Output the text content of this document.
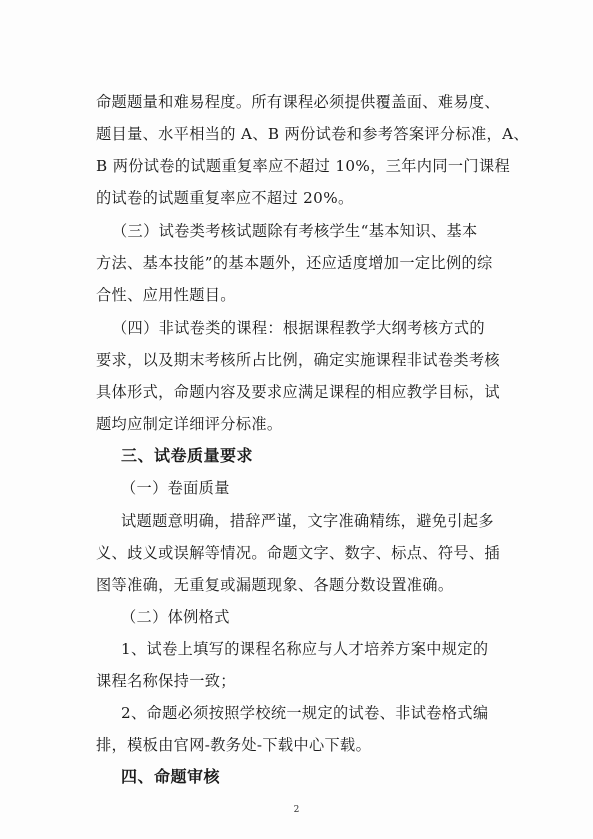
命题题量和难易程度。所有课程必须提供覆盖面、难易度、
题目量、水平相当的 A、B 两份试卷和参考答案评分标准，A、
B 两份试卷的试题重复率应不超过 10%，三年内同一门课程
的试卷的试题重复率应不超过 20%。
（三）试卷类考核试题除有考核学生“基本知识、基本
方法、基本技能”的基本题外，还应适度增加一定比例的综
合性、应用性题目。
（四）非试卷类的课程：根据课程教学大纲考核方式的
要求，以及期末考核所占比例，确定实施课程非试卷类考核
具体形式，命题内容及要求应满足课程的相应教学目标，试
题均应制定详细评分标准。
三、试卷质量要求
（一）卷面质量
试题题意明确，措辞严谨，文字准确精练，避免引起多
义、歧义或误解等情况。命题文字、数字、标点、符号、插
图等准确，无重复或漏题现象、各题分数设置准确。
（二）体例格式
1、试卷上填写的课程名称应与人才培养方案中规定的
课程名称保持一致；
2、命题必须按照学校统一规定的试卷、非试卷格式编
排，模板由官网-教务处-下载中心下载。
四、命题审核
2
